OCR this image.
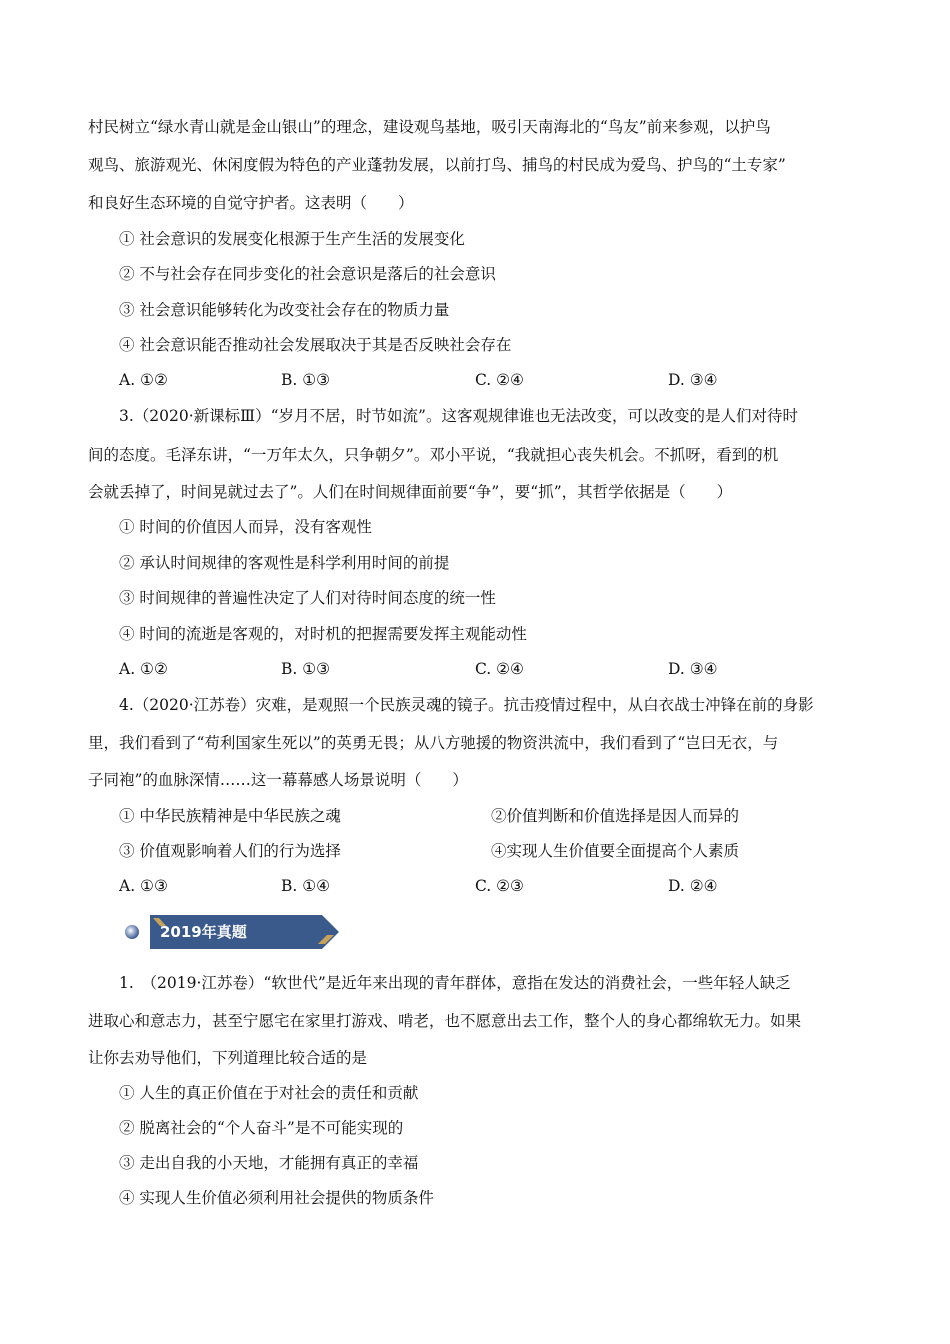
村民树立“绿水青山就是金山银山”的理念，建设观鸟基地，吸引天南海北的“鸟友”前来参观，以护鸟
观鸟、旅游观光、休闲度假为特色的产业蓬勃发展，以前打鸟、捕鸟的村民成为爱鸟、护鸟的“土专家”
和良好生态环境的自觉守护者。这表明（　　）
① 社会意识的发展变化根源于生产生活的发展变化
② 不与社会存在同步变化的社会意识是落后的社会意识
③ 社会意识能够转化为改变社会存在的物质力量
④ 社会意识能否推动社会发展取决于其是否反映社会存在
A. ①②	B. ①③	C. ②④	D. ③④
3.（2020·新课标Ⅲ）“岁月不居，时节如流”。这客观规律谁也无法改变，可以改变的是人们对待时
间的态度。毛泽东讲，“一万年太久，只争朝夕”。邓小平说，“我就担心丧失机会。不抓呀，看到的机
会就丢掉了，时间晃就过去了”。人们在时间规律面前要“争”，要“抓”，其哲学依据是（　　）
① 时间的价值因人而异，没有客观性
② 承认时间规律的客观性是科学利用时间的前提
③ 时间规律的普遍性决定了人们对待时间态度的统一性
④ 时间的流逝是客观的，对时机的把握需要发挥主观能动性
A. ①②	B. ①③	C. ②④	D. ③④
4.（2020·江苏卷）灾难，是观照一个民族灵魂的镜子。抗击疫情过程中，从白衣战士冲锋在前的身影
里，我们看到了“苟利国家生死以”的英勇无畏；从八方驰援的物资洪流中，我们看到了“岂曰无衣，与
子同袍”的血脉深情……这一幕幕感人场景说明（　　）
① 中华民族精神是中华民族之魂	②价值判断和价值选择是因人而异的
③ 价值观影响着人们的行为选择	④实现人生价值要全面提高个人素质
A. ①③	B. ①④	C. ②③	D. ②④
2019年真题
1.　（2019·江苏卷）“软世代”是近年来出现的青年群体，意指在发达的消费社会，一些年轻人缺乏
进取心和意志力，甚至宁愿宅在家里打游戏、啃老，也不愿意出去工作，整个人的身心都绵软无力。如果
让你去劝导他们，下列道理比较合适的是
① 人生的真正价值在于对社会的责任和贡献
② 脱离社会的“个人奋斗”是不可能实现的
③ 走出自我的小天地，才能拥有真正的幸福
④ 实现人生价值必须利用社会提供的物质条件
